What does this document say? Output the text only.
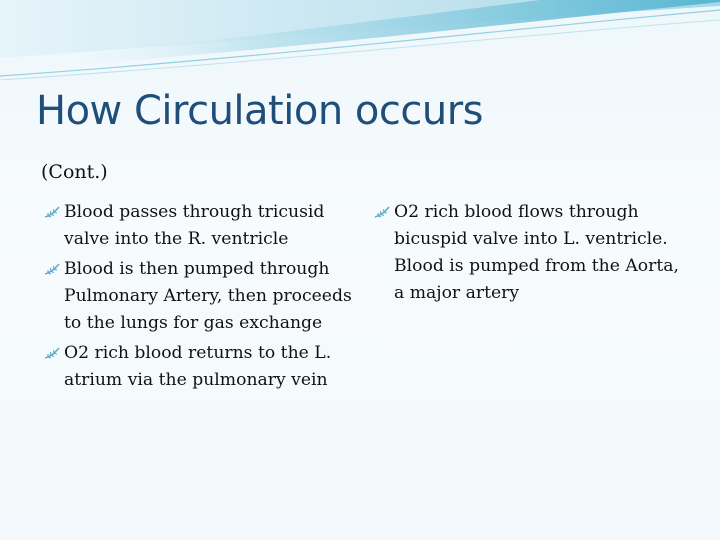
How Circulation occurs
(Cont.)
Blood passes through tricusid valve into the R. ventricle
Blood is then pumped through Pulmonary Artery, then proceeds to the lungs for gas exchange
O2 rich blood returns to the L. atrium via the pulmonary vein
O2 rich blood flows through bicuspid valve into L. ventricle. Blood is pumped from the Aorta, a major artery
